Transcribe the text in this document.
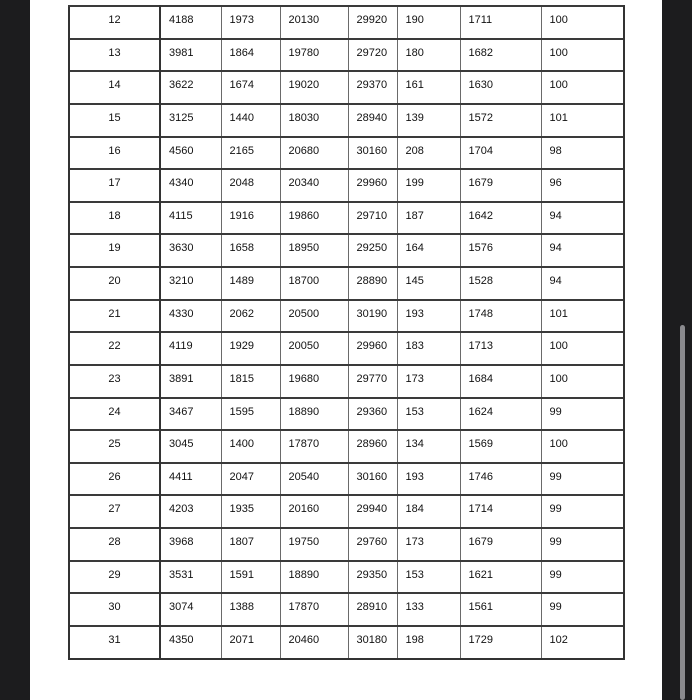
12	4188	1973	20130	29920	190	1711	100
13	3981	1864	19780	29720	180	1682	100
14	3622	1674	19020	29370	161	1630	100
15	3125	1440	18030	28940	139	1572	101
16	4560	2165	20680	30160	208	1704	98
17	4340	2048	20340	29960	199	1679	96
18	4115	1916	19860	29710	187	1642	94
19	3630	1658	18950	29250	164	1576	94
20	3210	1489	18700	28890	145	1528	94
21	4330	2062	20500	30190	193	1748	101
22	4119	1929	20050	29960	183	1713	100
23	3891	1815	19680	29770	173	1684	100
24	3467	1595	18890	29360	153	1624	99
25	3045	1400	17870	28960	134	1569	100
26	4411	2047	20540	30160	193	1746	99
27	4203	1935	20160	29940	184	1714	99
28	3968	1807	19750	29760	173	1679	99
29	3531	1591	18890	29350	153	1621	99
30	3074	1388	17870	28910	133	1561	99
31	4350	2071	20460	30180	198	1729	102
